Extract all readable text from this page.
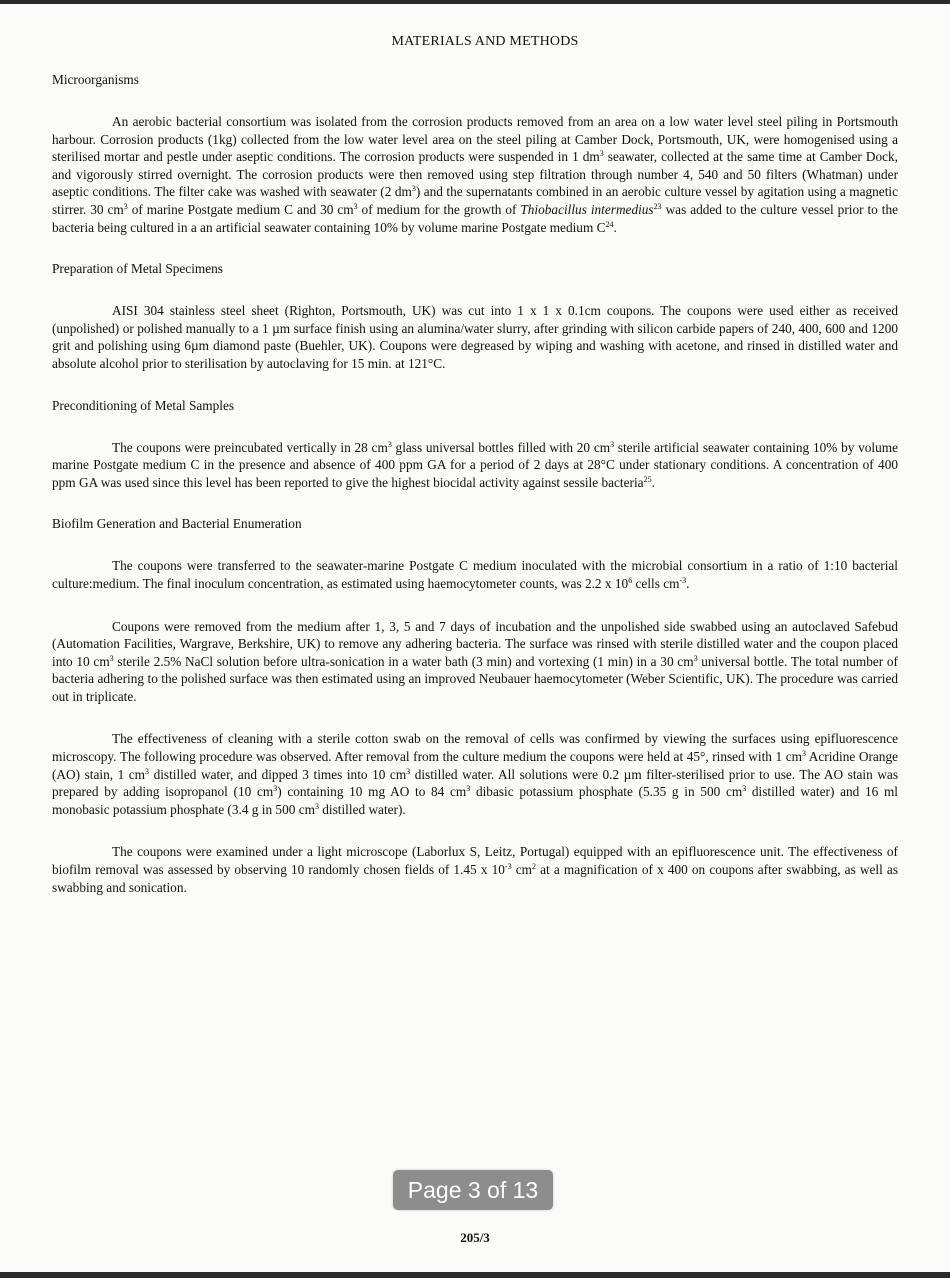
MATERIALS AND METHODS
Microorganisms

An aerobic bacterial consortium was isolated from the corrosion products removed from an area on a low water level steel piling in Portsmouth harbour. Corrosion products (1kg) collected from the low water level area on the steel piling at Camber Dock, Portsmouth, UK, were homogenised using a sterilised mortar and pestle under aseptic conditions. The corrosion products were suspended in 1 $dm^3$ seawater, collected at the same time at Camber Dock, and vigorously stirred overnight. The corrosion products were then removed using step filtration through number 4, 540 and 50 filters (Whatman) under aseptic conditions. The filter cake was washed with seawater (2 $dm^3$) and the supernatants combined in an aerobic culture vessel by agitation using a magnetic stirrer. 30 $cm^3$ of marine Postgate medium C and 30 $cm^3$ of medium for the growth of Thiobacillus intermedius$^{23}$ was added to the culture vessel prior to the bacteria being cultured in a an artificial seawater containing 10% by volume marine Postgate medium $C^{24}$.

Preparation of Metal Specimens

AISI 304 stainless steel sheet (Righton, Portsmouth, UK) was cut into 1 x 1 x 0.1cm coupons. The coupons were used either as received (unpolished) or polished manually to a 1 µm surface finish using an alumina/water slurry, after grinding with silicon carbide papers of 240, 400, 600 and 1200 grit and polishing using 6µm diamond paste (Buehler, UK). Coupons were degreased by wiping and washing with acetone, and rinsed in distilled water and absolute alcohol prior to sterilisation by autoclaving for 15 min. at 121°C.

Preconditioning of Metal Samples

The coupons were preincubated vertically in 28 $cm^3$ glass universal bottles filled with 20 $cm^3$ sterile artificial seawater containing 10% by volume marine Postgate medium C in the presence and absence of 400 ppm GA for a period of 2 days at 28°C under stationary conditions. A concentration of 400 ppm GA was used since this level has been reported to give the highest biocidal activity against sessile bacteria$^{25}$.

Biofilm Generation and Bacterial Enumeration

The coupons were transferred to the seawater-marine Postgate C medium inoculated with the microbial consortium in a ratio of 1:10 bacterial culture:medium. The final inoculum concentration, as estimated using haemocytometer counts, was 2.2 x $10^6$ cells $cm^{-3}$.

Coupons were removed from the medium after 1, 3, 5 and 7 days of incubation and the unpolished side swabbed using an autoclaved Safebud (Automation Facilities, Wargrave, Berkshire, UK) to remove any adhering bacteria. The surface was rinsed with sterile distilled water and the coupon placed into 10 $cm^3$ sterile 2.5% NaCl solution before ultra-sonication in a water bath (3 min) and vortexing (1 min) in a 30 $cm^3$ universal bottle. The total number of bacteria adhering to the polished surface was then estimated using an improved Neubauer haemocytometer (Weber Scientific, UK). The procedure was carried out in triplicate.

The effectiveness of cleaning with a sterile cotton swab on the removal of cells was confirmed by viewing the surfaces using epifluorescence microscopy. The following procedure was observed. After removal from the culture medium the coupons were held at 45°, rinsed with 1 $cm^3$ Acridine Orange (AO) stain, 1 $cm^3$ distilled water, and dipped 3 times into 10 $cm^3$ distilled water. All solutions were 0.2 µm filter-sterilised prior to use. The AO stain was prepared by adding isopropanol (10 $cm^3$) containing 10 mg AO to 84 $cm^3$ dibasic potassium phosphate (5.35 g in 500 $cm^3$ distilled water) and 16 ml monobasic potassium phosphate (3.4 g in 500 $cm^3$ distilled water).

The coupons were examined under a light microscope (Laborlux S, Leitz, Portugal) equipped with an epifluorescence unit. The effectiveness of biofilm removal was assessed by observing 10 randomly chosen fields of 1.45 x $10^{-3}$ $cm^2$ at a magnification of x 400 on coupons after swabbing, as well as swabbing and sonication.

205/3
Page 3 of 13
